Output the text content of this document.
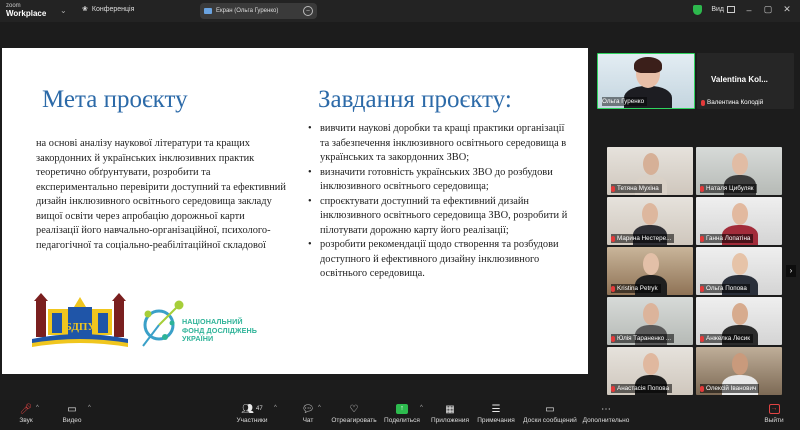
zoom
Workplace ⌄ ❀ Конференція	Екран (Ольга Гуренко)	–	Вид – ▢ ✕
Мета проєкту	Завдання проєкту:
на основі аналізу наукової літератури та кращих закордонних й українських інклюзивних практик теоретично обґрунтувати, розробити та експериментально перевірити доступний та ефективний дизайн інклюзивного освітнього середовища закладу вищої освіти через апробацію дорожньої карти реалізації його навчально-організаційної, психолого-педагогічної та соціально-реабілітаційної складової
• вивчити наукові доробки та кращі практики організації та забезпечення інклюзивного освітнього середовища в українських та закордонних ЗВО;
• визначити готовність українських ЗВО до розбудови інклюзивного освітнього середовища;
• спроєктувати доступний та ефективний дизайн інклюзивного освітнього середовища ЗВО, розробити й пілотувати дорожню карту його реалізації;
• розробити рекомендації щодо створення та розбудови доступного й ефективного дизайну інклюзивного освітнього середовища.
БДПУ	НАЦІОНАЛЬНИЙ
ФОНД ДОСЛІДЖЕНЬ
УКРАЇНИ
Ольга Гуренко
Valentina Kol...
Валентина Колодій
Тетяна Мухіна	Наталя Цибуляк
Марина Нестере...	Ганна Лопатіна
Kristina Petryk	Ольга Попова
Юлія Тараненко ...	Анжелка Лесик
Анастасія Попова	Олексій Іванович
›
🎤︎
Звук
^	▭
Видео
^	👥︎ 47
Участники
^ 💬︎
Чат
^	♡
Отреагировать
↑
Поделиться
^ ▦
Приложения
☰
Примечания
▭
Доски сообщений
⋯
Дополнительно
→
Выйти
